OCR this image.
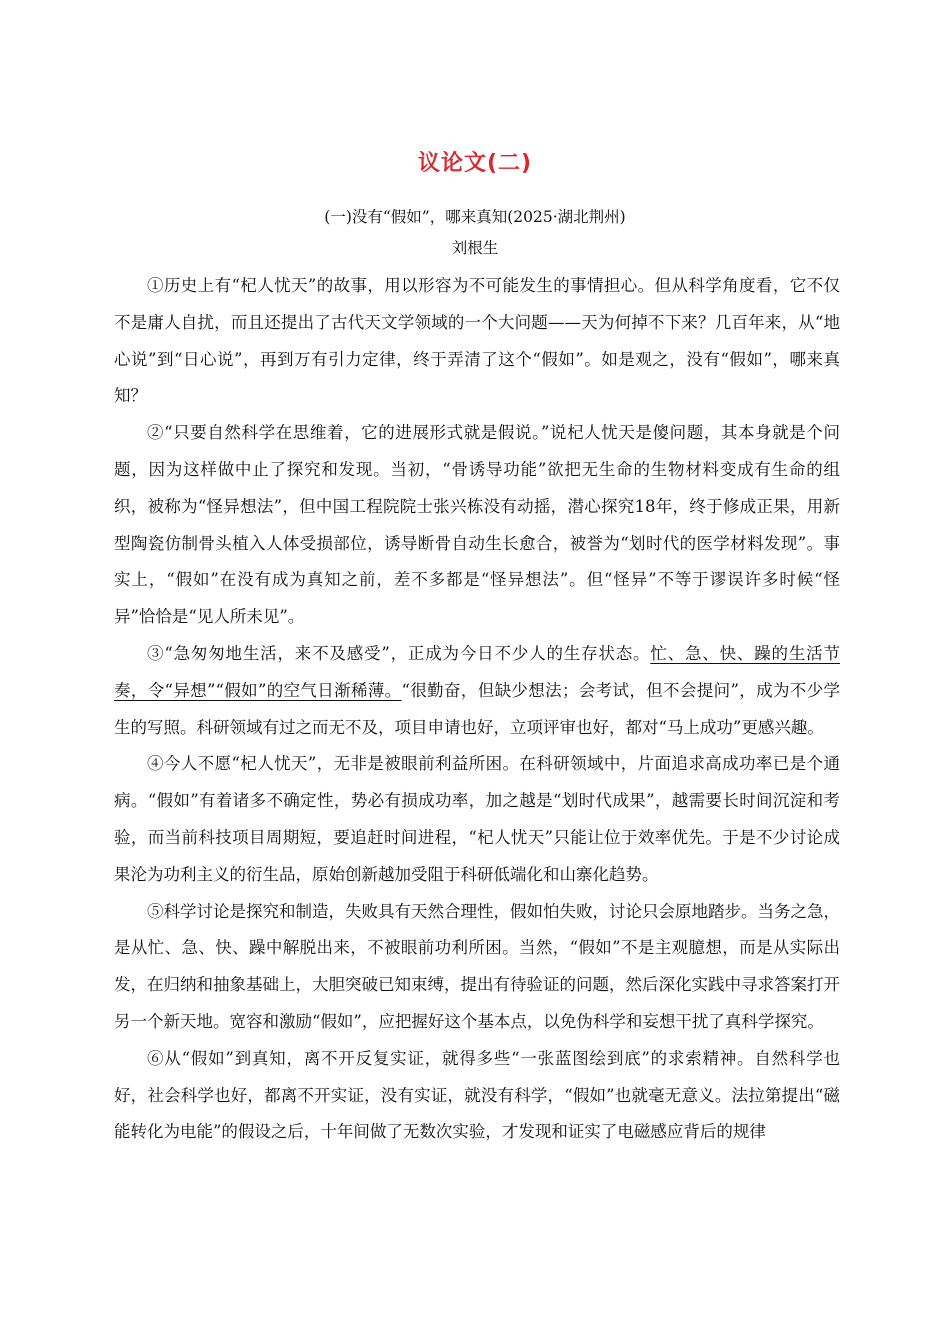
议论文(二)
(一)没有“假如”，哪来真知(2025·湖北荆州)
刘根生

①历史上有“杞人忧天”的故事，用以形容为不可能发生的事情担心。但从科学角度看，它不仅不是庸人自扰，而且还提出了古代天文学领域的一个大问题——天为何掉不下来？几百年来，从“地心说”到“日心说”，再到万有引力定律，终于弄清了这个“假如”。如是观之，没有“假如”，哪来真知？

②“只要自然科学在思维着，它的进展形式就是假说。”说杞人忧天是傻问题，其本身就是个问题，因为这样做中止了探究和发现。当初，“骨诱导功能”欲把无生命的生物材料变成有生命的组织，被称为“怪异想法”，但中国工程院院士张兴栋没有动摇，潜心探究18年，终于修成正果，用新型陶瓷仿制骨头植入人体受损部位，诱导断骨自动生长愈合，被誉为“划时代的医学材料发现”。事实上，“假如”在没有成为真知之前，差不多都是“怪异想法”。但“怪异”不等于谬误许多时候“怪异”恰恰是“见人所未见”。

③“急匆匆地生活，来不及感受”，正成为今日不少人的生存状态。忙、急、快、躁的生活节奏，令“异想”“假如”的空气日渐稀薄。“很勤奋，但缺少想法；会考试，但不会提问”，成为不少学生的写照。科研领域有过之而无不及，项目申请也好，立项评审也好，都对“马上成功”更感兴趣。

④今人不愿“杞人忧天”，无非是被眼前利益所困。在科研领域中，片面追求高成功率已是个通病。“假如”有着诸多不确定性，势必有损成功率，加之越是“划时代成果”，越需要长时间沉淀和考验，而当前科技项目周期短，要追赶时间进程，“杞人忧天”只能让位于效率优先。于是不少讨论成果沦为功利主义的衍生品，原始创新越加受阻于科研低端化和山寨化趋势。

⑤科学讨论是探究和制造，失败具有天然合理性，假如怕失败，讨论只会原地踏步。当务之急，是从忙、急、快、躁中解脱出来，不被眼前功利所困。当然，“假如”不是主观臆想，而是从实际出发，在归纳和抽象基础上，大胆突破已知束缚，提出有待验证的问题，然后深化实践中寻求答案打开另一个新天地。宽容和激励“假如”，应把握好这个基本点，以免伪科学和妄想干扰了真科学探究。

⑥从“假如”到真知，离不开反复实证，就得多些“一张蓝图绘到底”的求索精神。自然科学也好，社会科学也好，都离不开实证，没有实证，就没有科学，“假如”也就毫无意义。法拉第提出“磁能转化为电能”的假设之后，十年间做了无数次实验，才发现和证实了电磁感应背后的规律
